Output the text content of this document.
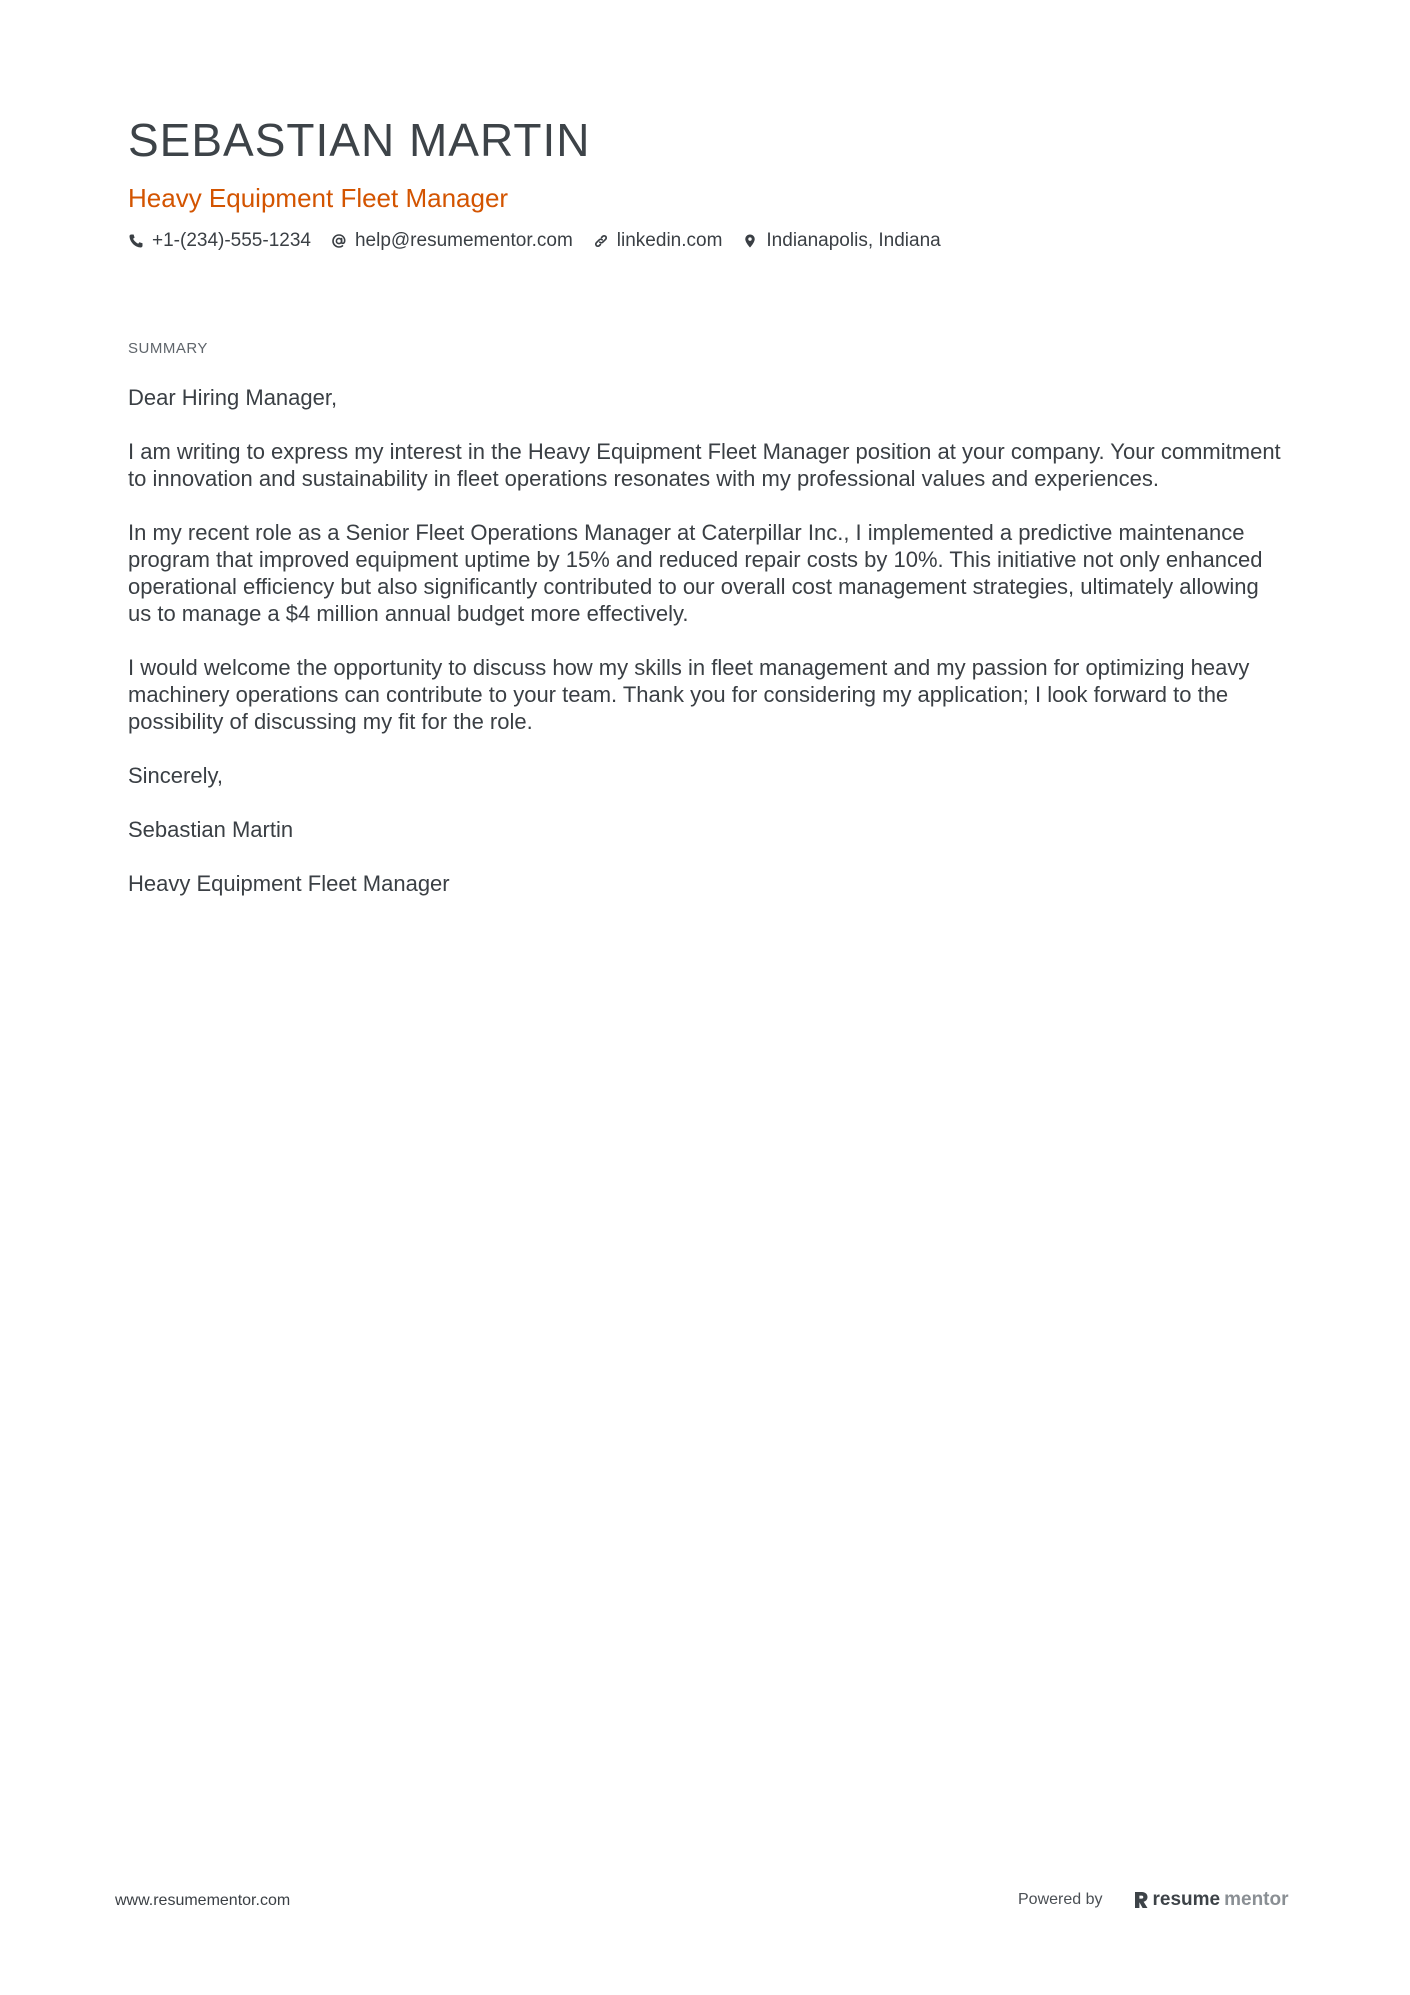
SEBASTIAN MARTIN
Heavy Equipment Fleet Manager
+1-(234)-555-1234 help@resumementor.com linkedin.com Indianapolis, Indiana
SUMMARY

Dear Hiring Manager,

I am writing to express my interest in the Heavy Equipment Fleet Manager position at your company. Your commitment to innovation and sustainability in fleet operations resonates with my professional values and experiences.

In my recent role as a Senior Fleet Operations Manager at Caterpillar Inc., I implemented a predictive maintenance program that improved equipment uptime by 15% and reduced repair costs by 10%. This initiative not only enhanced operational efficiency but also significantly contributed to our overall cost management strategies, ultimately allowing us to manage a $4 million annual budget more effectively.

I would welcome the opportunity to discuss how my skills in fleet management and my passion for optimizing heavy machinery operations can contribute to your team. Thank you for considering my application; I look forward to the possibility of discussing my fit for the role.

Sincerely,

Sebastian Martin

Heavy Equipment Fleet Manager

www.resumementor.com	Powered by	resume mentor
